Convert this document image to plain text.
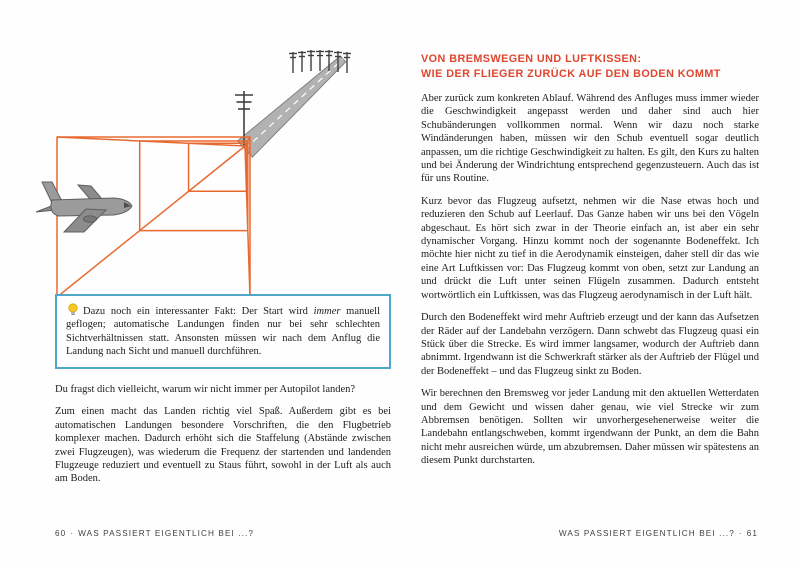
Dazu noch ein interessanter Fakt: Der Start wird immer manuell geflogen; automatische Landungen finden nur bei sehr schlechten Sichtverhältnissen statt. Ansonsten müssen wir nach dem Anflug die Landung nach Sicht und manuell durchführen.

Du fragst dich vielleicht, warum wir nicht immer per Autopilot landen?

Zum einen macht das Landen richtig viel Spaß. Außerdem gibt es bei automatischen Landungen besondere Vorschriften, die den Flugbetrieb komplexer machen. Dadurch erhöht sich die Staffelung (Abstände zwischen zwei Flugzeugen), was wiederum die Frequenz der startenden und landenden Flugzeuge reduziert und eventuell zu Staus führt, sowohl in der Luft als auch am Boden.

VON BREMSWEGEN UND LUFTKISSEN:
WIE DER FLIEGER ZURÜCK AUF DEN BODEN KOMMT

Aber zurück zum konkreten Ablauf. Während des Anfluges muss immer wieder die Geschwindigkeit angepasst werden und daher sind auch hier Schubänderungen vollkommen normal. Wenn wir dazu noch starke Windänderungen haben, müssen wir den Schub eventuell sogar deutlich anpassen, um die richtige Geschwindigkeit zu halten. Es gilt, den Kurs zu halten und bei Änderung der Windrichtung entsprechend gegenzusteuern. Auch das ist für uns Routine.

Kurz bevor das Flugzeug aufsetzt, nehmen wir die Nase etwas hoch und reduzieren den Schub auf Leerlauf. Das Ganze haben wir uns bei den Vögeln abgeschaut. Es hört sich zwar in der Theorie einfach an, ist aber ein sehr dynamischer Vorgang. Hinzu kommt noch der sogenannte Bodeneffekt. Ich möchte hier nicht zu tief in die Aerodynamik einsteigen, daher stell dir das wie eine Art Luftkissen vor: Das Flugzeug kommt von oben, setzt zur Landung an und drückt die Luft unter seinen Flügeln zusammen. Dadurch entsteht wortwörtlich ein Luftkissen, was das Flugzeug aerodynamisch in der Luft hält.

Durch den Bodeneffekt wird mehr Auftrieb erzeugt und der kann das Aufsetzen der Räder auf der Landebahn verzögern. Dann schwebt das Flugzeug quasi ein Stück über die Strecke. Es wird immer langsamer, wodurch der Auftrieb dann abnimmt. Irgendwann ist die Schwerkraft stärker als der Auftrieb der Flügel und der Bodeneffekt – und das Flugzeug sinkt zu Boden.

Wir berechnen den Bremsweg vor jeder Landung mit den aktuellen Wetterdaten und dem Gewicht und wissen daher genau, wie viel Strecke wir zum Abbremsen benötigen. Sollten wir unvorhergesehenerweise weiter die Landebahn entlangschweben, kommt irgendwann der Punkt, an dem die Bahn nicht mehr ausreichen würde, um abzubremsen. Daher müssen wir spätestens an diesem Punkt durchstarten.

60 · WAS PASSIERT EIGENTLICH BEI ...?	WAS PASSIERT EIGENTLICH BEI ...? · 61
